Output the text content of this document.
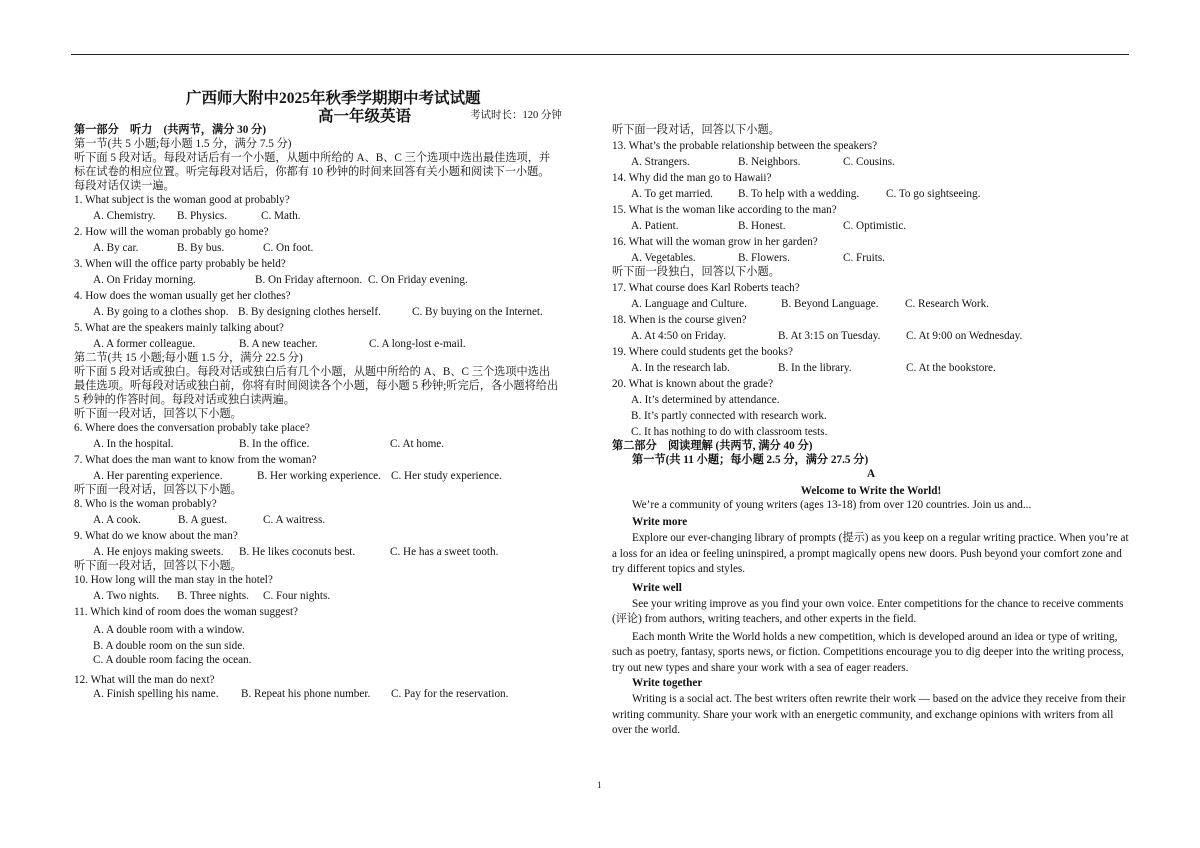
广西师大附中2025年秋季学期期中考试试题
高一年级英语	考试时长：120 分钟
第一部分　听力　(共两节，满分 30 分)
第一节(共 5 小题;每小题 1.5 分，满分 7.5 分)
听下面 5 段对话。每段对话后有一个小题，从题中所给的 A、B、C 三个选项中选出最佳选项，并
标在试卷的相应位置。听完每段对话后，你都有 10 秒钟的时间来回答有关小题和阅读下一小题。
每段对话仅读一遍。
1. What subject is the woman good at probably?
A. Chemistry. B. Physics.	C. Math.
2. How will the woman probably go home?
A. By car.	B. By bus.	C. On foot.
3. When will the office party probably be held?
A. On Friday morning.	B. On Friday afternoon. C. On Friday evening.
4. How does the woman usually get her clothes?
A. By going to a clothes shop. B. By designing clothes herself.	C. By buying on the Internet.
5. What are the speakers mainly talking about?
A. A former colleague.	B. A new teacher.	C. A long-lost e-mail.
第二节(共 15 小题;每小题 1.5 分，满分 22.5 分)
听下面 5 段对话或独白。每段对话或独白后有几个小题，从题中所给的 A、B、C 三个选项中选出
最佳选项。听每段对话或独白前，你将有时间阅读各个小题，每小题 5 秒钟;听完后，各小题将给出
5 秒钟的作答时间。每段对话或独白读两遍。
听下面一段对话，回答以下小题。
6. Where does the conversation probably take place?
A. In the hospital.	B. In the office.	C. At home.
7. What does the man want to know from the woman?
A. Her parenting experience.	B. Her working experience. C. Her study experience.
听下面一段对话，回答以下小题。
8. Who is the woman probably?
A. A cook.	B. A guest.	C. A waitress.
9. What do we know about the man?
A. He enjoys making sweets. B. He likes coconuts best.	C. He has a sweet tooth.
听下面一段对话，回答以下小题。
10. How long will the man stay in the hotel?
A. Two nights. B. Three nights. C. Four nights.
11. Which kind of room does the woman suggest?
A. A double room with a window.
B. A double room on the sun side.
C. A double room facing the ocean.
12. What will the man do next?
A. Finish spelling his name. B. Repeat his phone number. C. Pay for the reservation.
听下面一段对话，回答以下小题。
13. What’s the probable relationship between the speakers?
A. Strangers.	B. Neighbors.	C. Cousins.
14. Why did the man go to Hawaii?
A. To get married. B. To help with a wedding. C. To go sightseeing.
15. What is the woman like according to the man?
A. Patient.	B. Honest.	C. Optimistic.
16. What will the woman grow in her garden?
A. Vegetables.	B. Flowers.	C. Fruits.
听下面一段独白，回答以下小题。
17. What course does Karl Roberts teach?
A. Language and Culture.	B. Beyond Language. C. Research Work.
18. When is the course given?
A. At 4:50 on Friday.	B. At 3:15 on Tuesday. C. At 9:00 on Wednesday.
19. Where could students get the books?
A. In the research lab.	B. In the library.	C. At the bookstore.
20. What is known about the grade?
A. It’s determined by attendance.
B. It’s partly connected with research work.
C. It has nothing to do with classroom tests.
第二部分　阅读理解 (共两节, 满分 40 分)
第一节(共 11 小题；每小题 2.5 分，满分 27.5 分)
A
Welcome to Write the World!
We’re a community of young writers (ages 13-18) from over 120 countries. Join us and...
Write more
Explore our ever-changing library of prompts (提示) as you keep on a regular writing practice. When you’re at a loss for an idea or feeling uninspired, a prompt magically opens new doors. Push beyond your comfort zone and try different topics and styles.
Write well
See your writing improve as you find your own voice. Enter competitions for the chance to receive comments (评论) from authors, writing teachers, and other experts in the field.
Each month Write the World holds a new competition, which is developed around an idea or type of writing, such as poetry, fantasy, sports news, or fiction. Competitions encourage you to dig deeper into the writing process, try out new types and share your work with a sea of eager readers.
Write together
Writing is a social act. The best writers often rewrite their work — based on the advice they receive from their writing community. Share your work with an energetic community, and exchange opinions with writers from all over the world.
1
